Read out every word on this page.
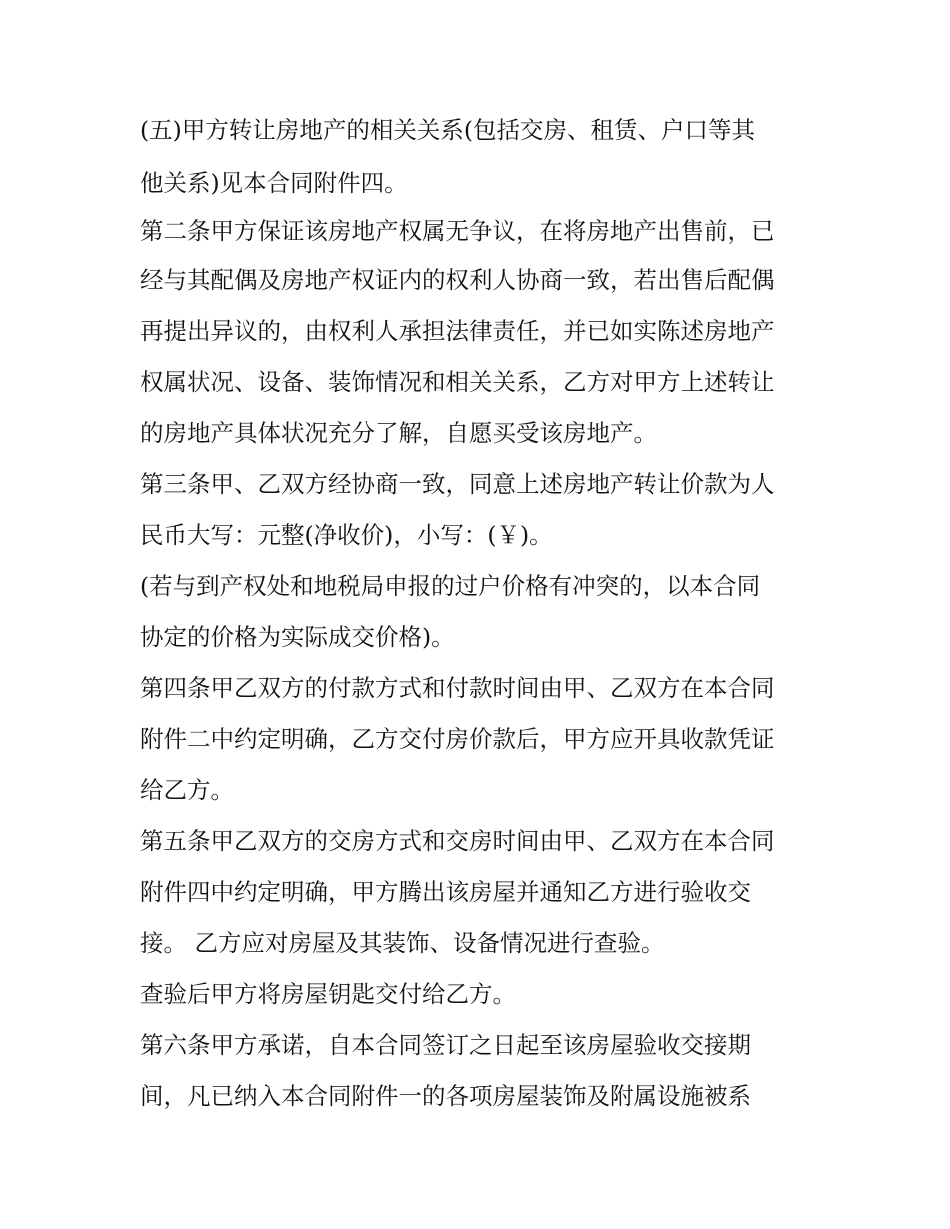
(五)甲方转让房地产的相关关系(包括交房、租赁、户口等其

他关系)见本合同附件四。

第二条甲方保证该房地产权属无争议，在将房地产出售前，已

经与其配偶及房地产权证内的权利人协商一致，若出售后配偶

再提出异议的，由权利人承担法律责任，并已如实陈述房地产

权属状况、设备、装饰情况和相关关系，乙方对甲方上述转让

的房地产具体状况充分了解，自愿买受该房地产。

第三条甲、乙双方经协商一致，同意上述房地产转让价款为人

民币大写：元整(净收价)，小写：(￥)。

(若与到产权处和地税局申报的过户价格有冲突的，以本合同

协定的价格为实际成交价格)。

第四条甲乙双方的付款方式和付款时间由甲、乙双方在本合同

附件二中约定明确，乙方交付房价款后，甲方应开具收款凭证

给乙方。

第五条甲乙双方的交房方式和交房时间由甲、乙双方在本合同

附件四中约定明确，甲方腾出该房屋并通知乙方进行验收交

接。 乙方应对房屋及其装饰、设备情况进行查验。

查验后甲方将房屋钥匙交付给乙方。

第六条甲方承诺，自本合同签订之日起至该房屋验收交接期

间，凡已纳入本合同附件一的各项房屋装饰及附属设施被系
